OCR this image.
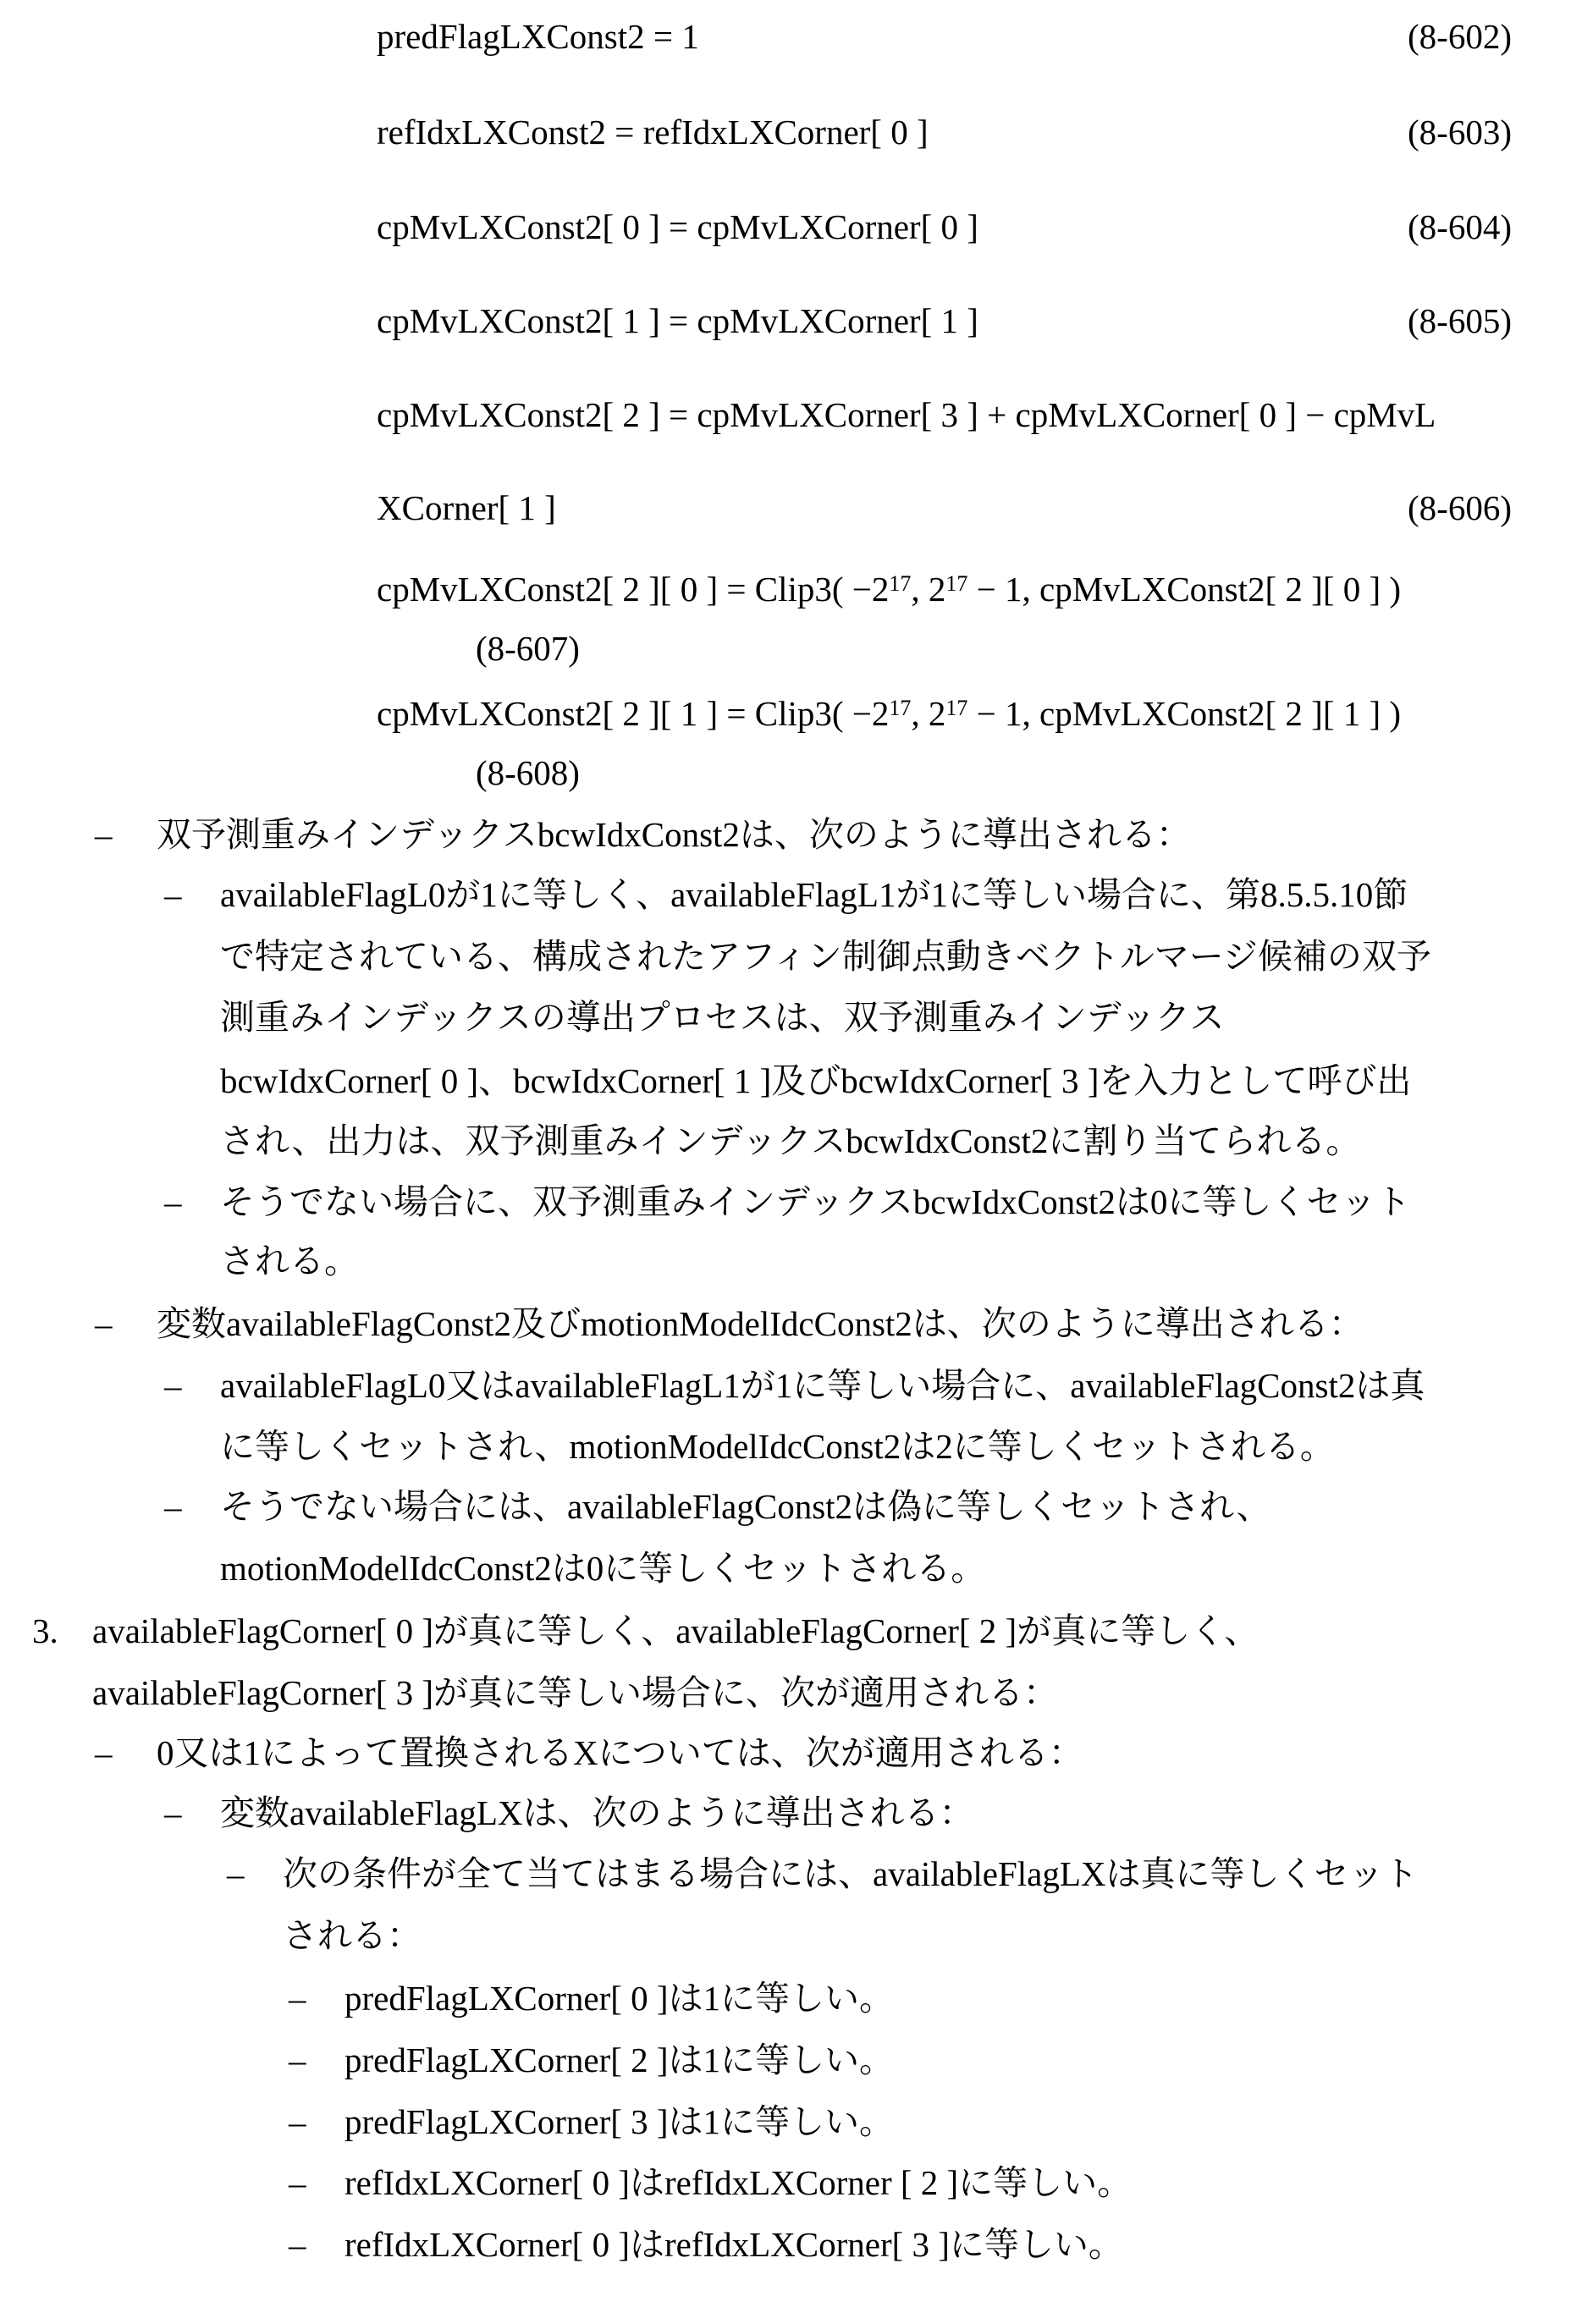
predFlagLXConst2 = 1	(8-602)
refIdxLXConst2 = refIdxLXCorner[ 0 ]	(8-603)
cpMvLXConst2[ 0 ] = cpMvLXCorner[ 0 ]	(8-604)
cpMvLXConst2[ 1 ] = cpMvLXCorner[ 1 ]	(8-605)
cpMvLXConst2[ 2 ] = cpMvLXCorner[ 3 ] + cpMvLXCorner[ 0 ] − cpMvL
XCorner[ 1 ]	(8-606)
cpMvLXConst2[ 2 ][ 0 ] = Clip3( −217, 217 − 1, cpMvLXConst2[ 2 ][ 0 ] )
(8-607)
cpMvLXConst2[ 2 ][ 1 ] = Clip3( −217, 217 − 1, cpMvLXConst2[ 2 ][ 1 ] )
(8-608)
– 双予測重みインデックスbcwIdxConst2は、次のように導出される：
– availableFlagL0が1に等しく、availableFlagL1が1に等しい場合に、第8.5.5.10節
で特定されている、構成されたアフィン制御点動きベクトルマージ候補の双予
測重みインデックスの導出プロセスは、双予測重みインデックス
bcwIdxCorner[ 0 ]、bcwIdxCorner[ 1 ]及びbcwIdxCorner[ 3 ]を入力として呼び出
され、出力は、双予測重みインデックスbcwIdxConst2に割り当てられる。
– そうでない場合に、双予測重みインデックスbcwIdxConst2は0に等しくセット
される。
– 変数availableFlagConst2及びmotionModelIdcConst2は、次のように導出される：
– availableFlagL0又はavailableFlagL1が1に等しい場合に、availableFlagConst2は真
に等しくセットされ、motionModelIdcConst2は2に等しくセットされる。
– そうでない場合には、availableFlagConst2は偽に等しくセットされ、
motionModelIdcConst2は0に等しくセットされる。
3. availableFlagCorner[ 0 ]が真に等しく、availableFlagCorner[ 2 ]が真に等しく、
availableFlagCorner[ 3 ]が真に等しい場合に、次が適用される：
– 0又は1によって置換されるXについては、次が適用される：
– 変数availableFlagLXは、次のように導出される：
– 次の条件が全て当てはまる場合には、availableFlagLXは真に等しくセット
される：
– predFlagLXCorner[ 0 ]は1に等しい。
– predFlagLXCorner[ 2 ]は1に等しい。
– predFlagLXCorner[ 3 ]は1に等しい。
– refIdxLXCorner[ 0 ]はrefIdxLXCorner [ 2 ]に等しい。
– refIdxLXCorner[ 0 ]はrefIdxLXCorner[ 3 ]に等しい。
